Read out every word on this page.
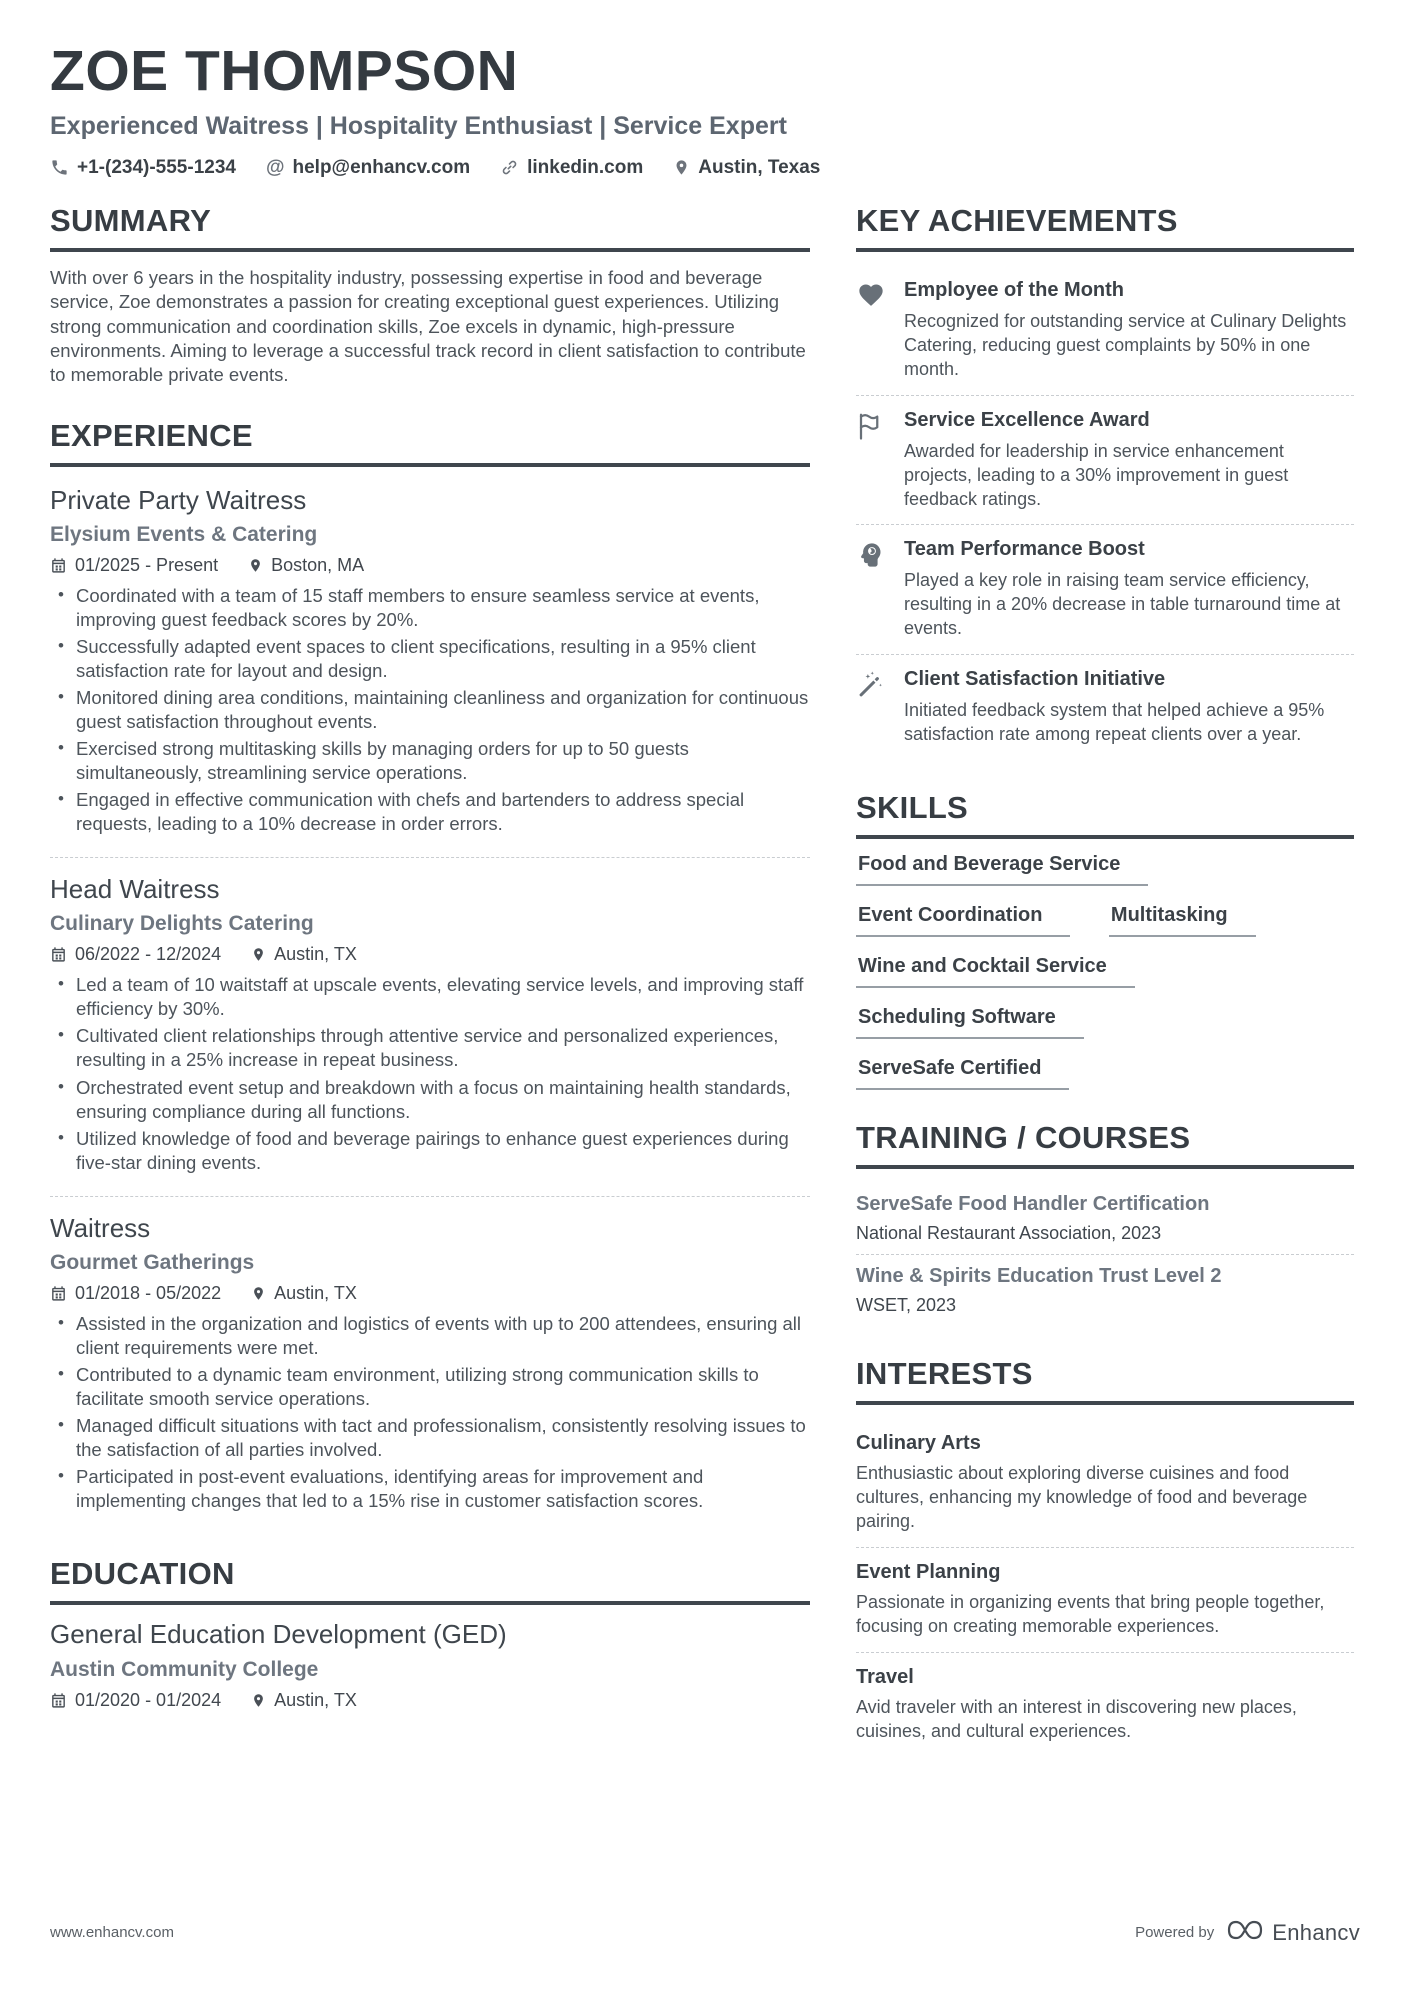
ZOE THOMPSON
Experienced Waitress | Hospitality Enthusiast | Service Expert
+1-(234)-555-1234 @ help@enhancv.com	linkedin.com	Austin, Texas
SUMMARY
With over 6 years in the hospitality industry, possessing expertise in food and beverage service, Zoe demonstrates a passion for creating exceptional guest experiences. Utilizing strong communication and coordination skills, Zoe excels in dynamic, high-pressure environments. Aiming to leverage a successful track record in client satisfaction to contribute to memorable private events.
EXPERIENCE
Private Party Waitress
Elysium Events & Catering
01/2025 - Present	Boston, MA
• Coordinated with a team of 15 staff members to ensure seamless service at events, improving guest feedback scores by 20%.
• Successfully adapted event spaces to client specifications, resulting in a 95% client satisfaction rate for layout and design.
• Monitored dining area conditions, maintaining cleanliness and organization for continuous guest satisfaction throughout events.
• Exercised strong multitasking skills by managing orders for up to 50 guests simultaneously, streamlining service operations.
• Engaged in effective communication with chefs and bartenders to address special requests, leading to a 10% decrease in order errors.
Head Waitress
Culinary Delights Catering
06/2022 - 12/2024	Austin, TX
• Led a team of 10 waitstaff at upscale events, elevating service levels, and improving staff efficiency by 30%.
• Cultivated client relationships through attentive service and personalized experiences, resulting in a 25% increase in repeat business.
• Orchestrated event setup and breakdown with a focus on maintaining health standards, ensuring compliance during all functions.
• Utilized knowledge of food and beverage pairings to enhance guest experiences during five-star dining events.
Waitress
Gourmet Gatherings
01/2018 - 05/2022	Austin, TX
• Assisted in the organization and logistics of events with up to 200 attendees, ensuring all client requirements were met.
• Contributed to a dynamic team environment, utilizing strong communication skills to facilitate smooth service operations.
• Managed difficult situations with tact and professionalism, consistently resolving issues to the satisfaction of all parties involved.
• Participated in post-event evaluations, identifying areas for improvement and implementing changes that led to a 15% rise in customer satisfaction scores.
EDUCATION
General Education Development (GED)
Austin Community College
01/2020 - 01/2024	Austin, TX
KEY ACHIEVEMENTS
Employee of the Month
Recognized for outstanding service at Culinary Delights Catering, reducing guest complaints by 50% in one month.
Service Excellence Award
Awarded for leadership in service enhancement projects, leading to a 30% improvement in guest feedback ratings.
Team Performance Boost
Played a key role in raising team service efficiency, resulting in a 20% decrease in table turnaround time at events.
Client Satisfaction Initiative
Initiated feedback system that helped achieve a 95% satisfaction rate among repeat clients over a year.
SKILLS
Food and Beverage Service
Event Coordination	Multitasking
Wine and Cocktail Service
Scheduling Software
ServeSafe Certified
TRAINING / COURSES
ServeSafe Food Handler Certification
National Restaurant Association, 2023
Wine & Spirits Education Trust Level 2
WSET, 2023
INTERESTS
Culinary Arts
Enthusiastic about exploring diverse cuisines and food cultures, enhancing my knowledge of food and beverage pairing.
Event Planning
Passionate in organizing events that bring people together, focusing on creating memorable experiences.
Travel
Avid traveler with an interest in discovering new places, cuisines, and cultural experiences.
www.enhancv.com	Powered by	Enhancv
